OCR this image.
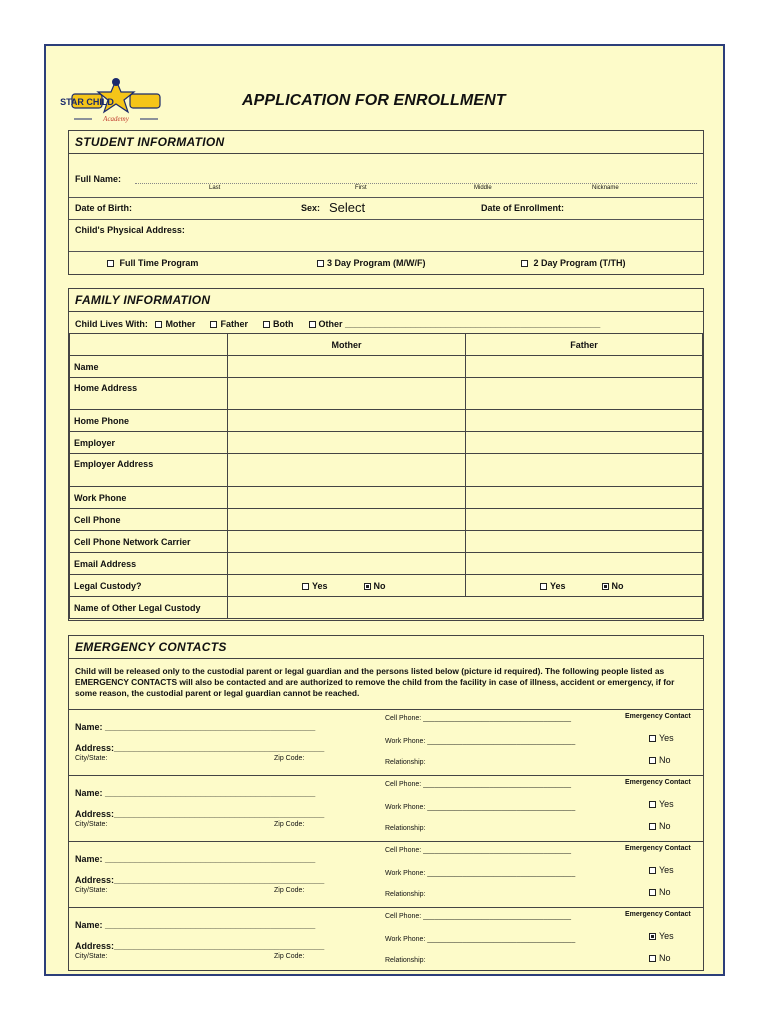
STAR CHILD
Academy
APPLICATION FOR ENROLLMENT
STUDENT INFORMATION
Full Name:
Last	First	Middle	Nickname
Date of Birth:	Sex: Select	Date of Enrollment:
Child's Physical Address:
Full Time Program	3 Day Program (M/W/F)	2 Day Program (T/TH)
FAMILY INFORMATION
Child Lives With: Mother	Father	Both	Other ___________________________________________________
	Mother	Father
Name		
Home Address		
Home Phone		
Employer		
Employer Address		
Work Phone		
Cell Phone		
Cell Phone Network Carrier		
Email Address		
Legal Custody?	Yes No	Yes No
Name of Other Legal Custody		
EMERGENCY CONTACTS
Child will be released only to the custodial parent or legal guardian and the persons listed below (picture id required). The following people listed as EMERGENCY CONTACTS will also be contacted and are authorized to remove the child from the facility in case of illness, accident or emergency, if for some reason, the custodial parent or legal guardian cannot be reached.
Name: __________________________________________
Address:__________________________________________
City/State:	Zip Code:
Cell Phone: ______________________________________
Work Phone: ______________________________________
Relationship:
Emergency Contact
Yes
No
Name: __________________________________________
Address:__________________________________________
City/State:	Zip Code:
Cell Phone: ______________________________________
Work Phone: ______________________________________
Relationship:
Emergency Contact
Yes
No
Name: __________________________________________
Address:__________________________________________
City/State:	Zip Code:
Cell Phone: ______________________________________
Work Phone: ______________________________________
Relationship:
Emergency Contact
Yes
No
Name: __________________________________________
Address:__________________________________________
City/State:	Zip Code:
Cell Phone: ______________________________________
Work Phone: ______________________________________
Relationship:
Emergency Contact
Yes
No
